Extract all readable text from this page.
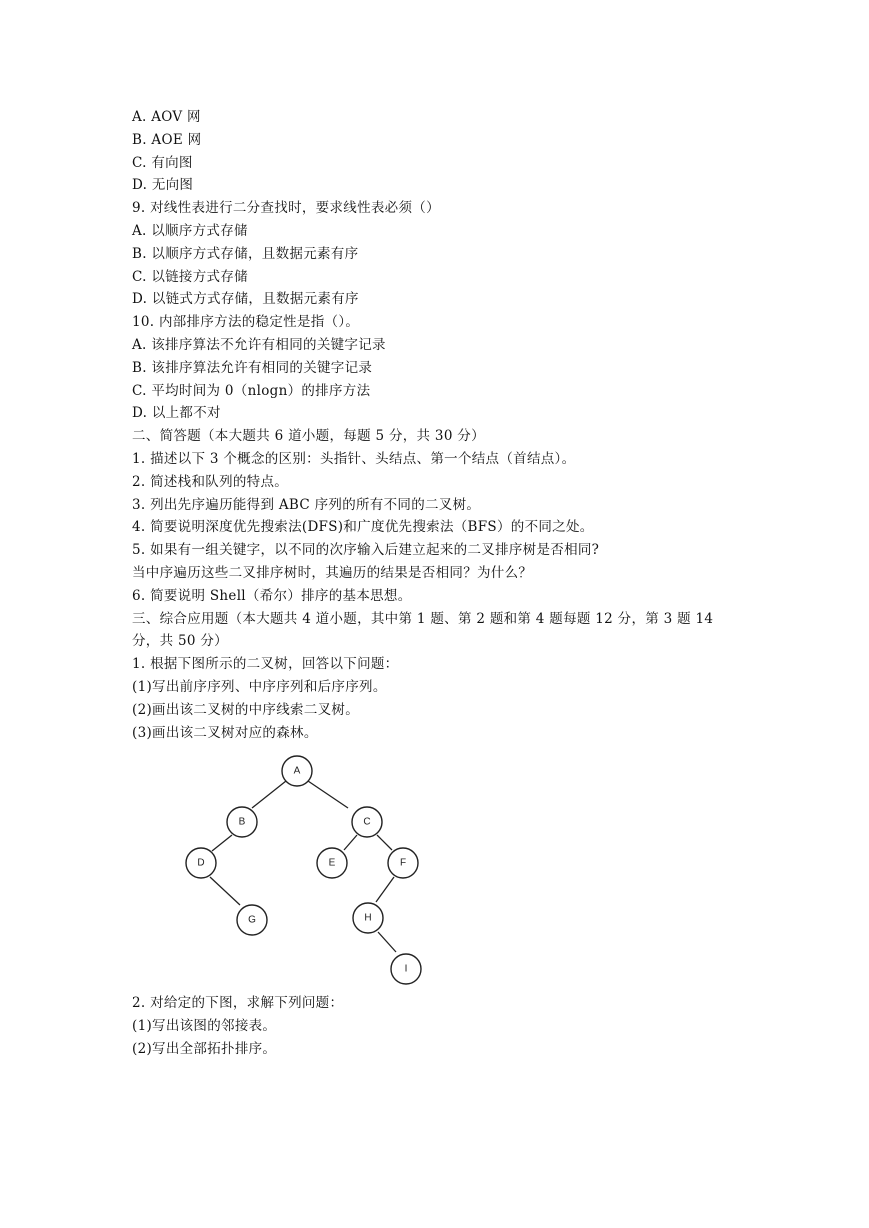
A. AOV 网
B. AOE 网
C. 有向图
D. 无向图
9. 对线性表进行二分查找时，要求线性表必须（）
A. 以顺序方式存储
B. 以顺序方式存储，且数据元素有序
C. 以链接方式存储
D. 以链式方式存储，且数据元素有序
10. 内部排序方法的稳定性是指（）。
A. 该排序算法不允许有相同的关键字记录
B. 该排序算法允许有相同的关键字记录
C. 平均时间为 0（nlogn）的排序方法
D. 以上都不对
二、简答题（本大题共 6 道小题，每题 5 分，共 30 分）
1. 描述以下 3 个概念的区别：头指针、头结点、第一个结点（首结点）。
2. 简述栈和队列的特点。
3. 列出先序遍历能得到 ABC 序列的所有不同的二叉树。
4. 简要说明深度优先搜索法(DFS)和广度优先搜索法（BFS）的不同之处。
5. 如果有一组关键字，以不同的次序输入后建立起来的二叉排序树是否相同?
当中序遍历这些二叉排序树时，其遍历的结果是否相同？为什么？
6. 简要说明 Shell（希尔）排序的基本思想。
三、综合应用题（本大题共 4 道小题，其中第 1 题、第 2 题和第 4 题每题 12 分，第 3 题 14
分，共 50 分）
1. 根据下图所示的二叉树，回答以下问题：
(1)写出前序序列、中序序列和后序序列。
(2)画出该二叉树的中序线索二叉树。
(3)画出该二叉树对应的森林。
A
B	C
D	E	F
G	H
I
2. 对给定的下图，求解下列问题：
(1)写出该图的邻接表。
(2)写出全部拓扑排序。
